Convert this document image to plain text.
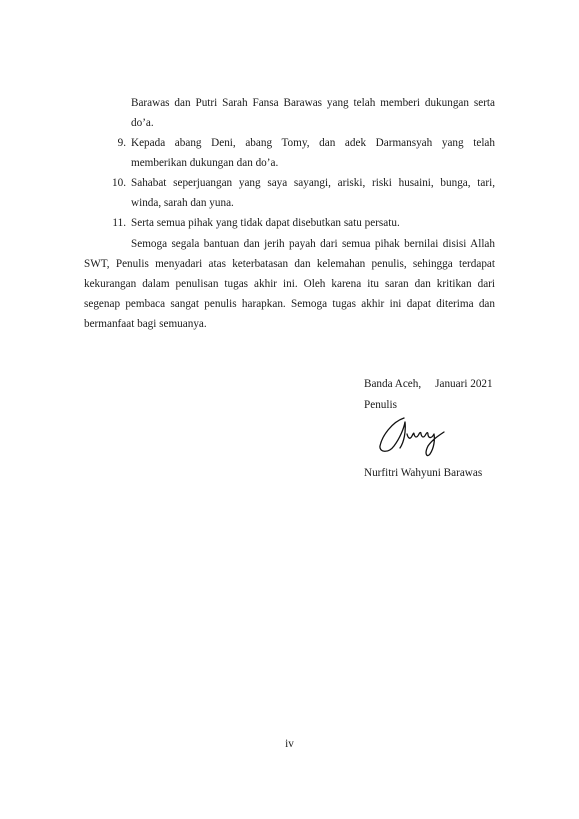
Barawas dan Putri Sarah Fansa Barawas yang telah memberi dukungan serta
do’a.
9. Kepada abang Deni, abang Tomy, dan adek Darmansyah yang telah
memberikan dukungan dan do’a.
10. Sahabat seperjuangan yang saya sayangi, ariski, riski husaini, bunga, tari,
winda, sarah dan yuna.
11. Serta semua pihak yang tidak dapat disebutkan satu persatu.
Semoga segala bantuan dan jerih payah dari semua pihak bernilai disisi Allah
SWT, Penulis menyadari atas keterbatasan dan kelemahan penulis, sehingga terdapat
kekurangan dalam penulisan tugas akhir ini. Oleh karena itu saran dan kritikan dari
segenap pembaca sangat penulis harapkan. Semoga tugas akhir ini dapat diterima dan
bermanfaat bagi semuanya.
Banda Aceh,     Januari 2021
Penulis
Nurfitri Wahyuni Barawas
iv
